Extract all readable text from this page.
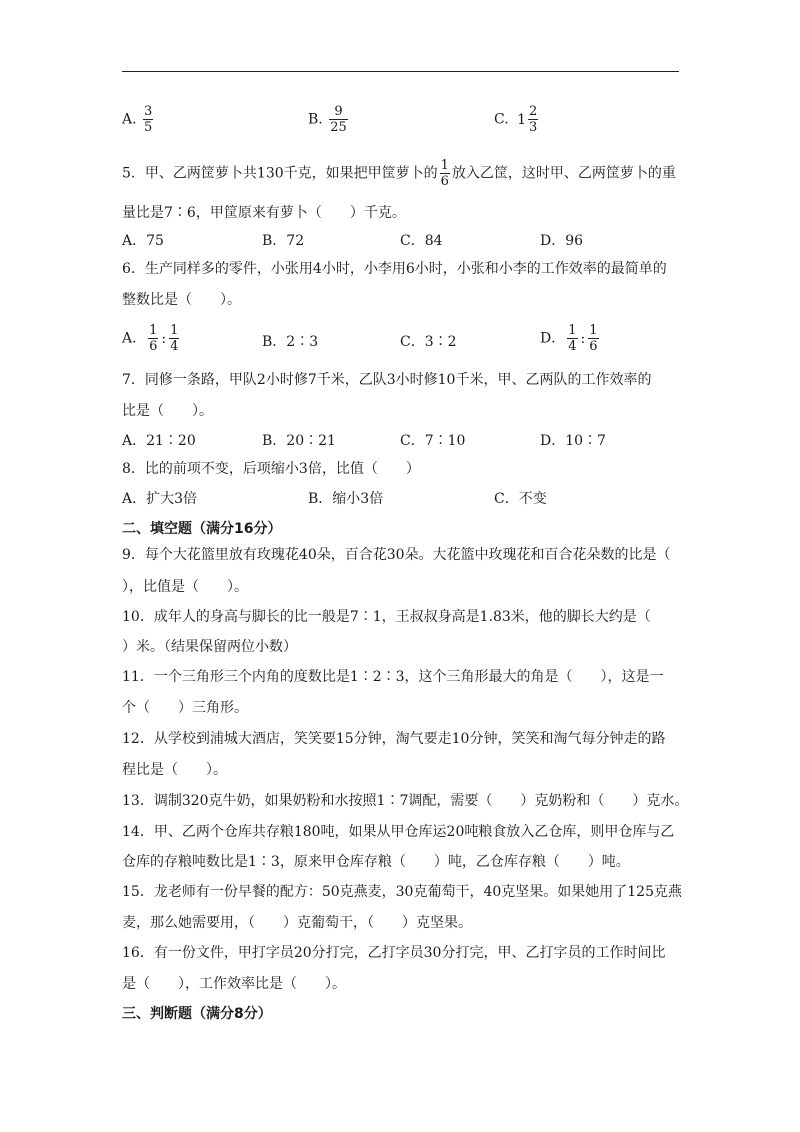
A. $\frac{3}{5}$	B. $\frac{9}{25}$	C. $1 \frac{2}{3}$
5．甲、乙两筐萝卜共130千克，如果把甲筐萝卜的 $\frac{1}{6}$ 放入乙筐，这时甲、乙两筐萝卜的重
量比是7∶6，甲筐原来有萝卜（　　）千克。
A．75	B．72	C．84	D．96
6．生产同样多的零件，小张用4小时，小李用6小时，小张和小李的工作效率的最简单的
整数比是（　　）。
A． $\frac{1}{6}$ : $\frac{1}{4}$	B．2∶3	C．3∶2	D． $\frac{1}{4}$ : $\frac{1}{6}$
7．同修一条路，甲队2小时修7千米，乙队3小时修10千米，甲、乙两队的工作效率的
比是（　　）。
A．21∶20	B．20∶21	C．7∶10	D．10∶7
8．比的前项不变，后项缩小3倍，比值（　　）
A．扩大3倍	B．缩小3倍	C．不变
二、填空题（满分16分）
9．每个大花篮里放有玫瑰花40朵，百合花30朵。大花篮中玫瑰花和百合花朵数的比是（
），比值是（　　）。
10．成年人的身高与脚长的比一般是7∶1，王叔叔身高是1.83米，他的脚长大约是（
）米。（结果保留两位小数）
11．一个三角形三个内角的度数比是1∶2∶3，这个三角形最大的角是（　　），这是一
个（　　）三角形。
12．从学校到浦城大酒店，笑笑要15分钟，淘气要走10分钟，笑笑和淘气每分钟走的路
程比是（　　）。
13．调制320克牛奶，如果奶粉和水按照1∶7调配，需要（　　）克奶粉和（　　）克水。
14．甲、乙两个仓库共存粮180吨，如果从甲仓库运20吨粮食放入乙仓库，则甲仓库与乙
仓库的存粮吨数比是1∶3，原来甲仓库存粮（　　）吨，乙仓库存粮（　　）吨。
15．龙老师有一份早餐的配方：50克燕麦，30克葡萄干，40克坚果。如果她用了125克燕
麦，那么她需要用，（　　）克葡萄干，（　　）克坚果。
16．有一份文件，甲打字员20分打完，乙打字员30分打完，甲、乙打字员的工作时间比
是（　　），工作效率比是（　　）。
三、判断题（满分8分）
